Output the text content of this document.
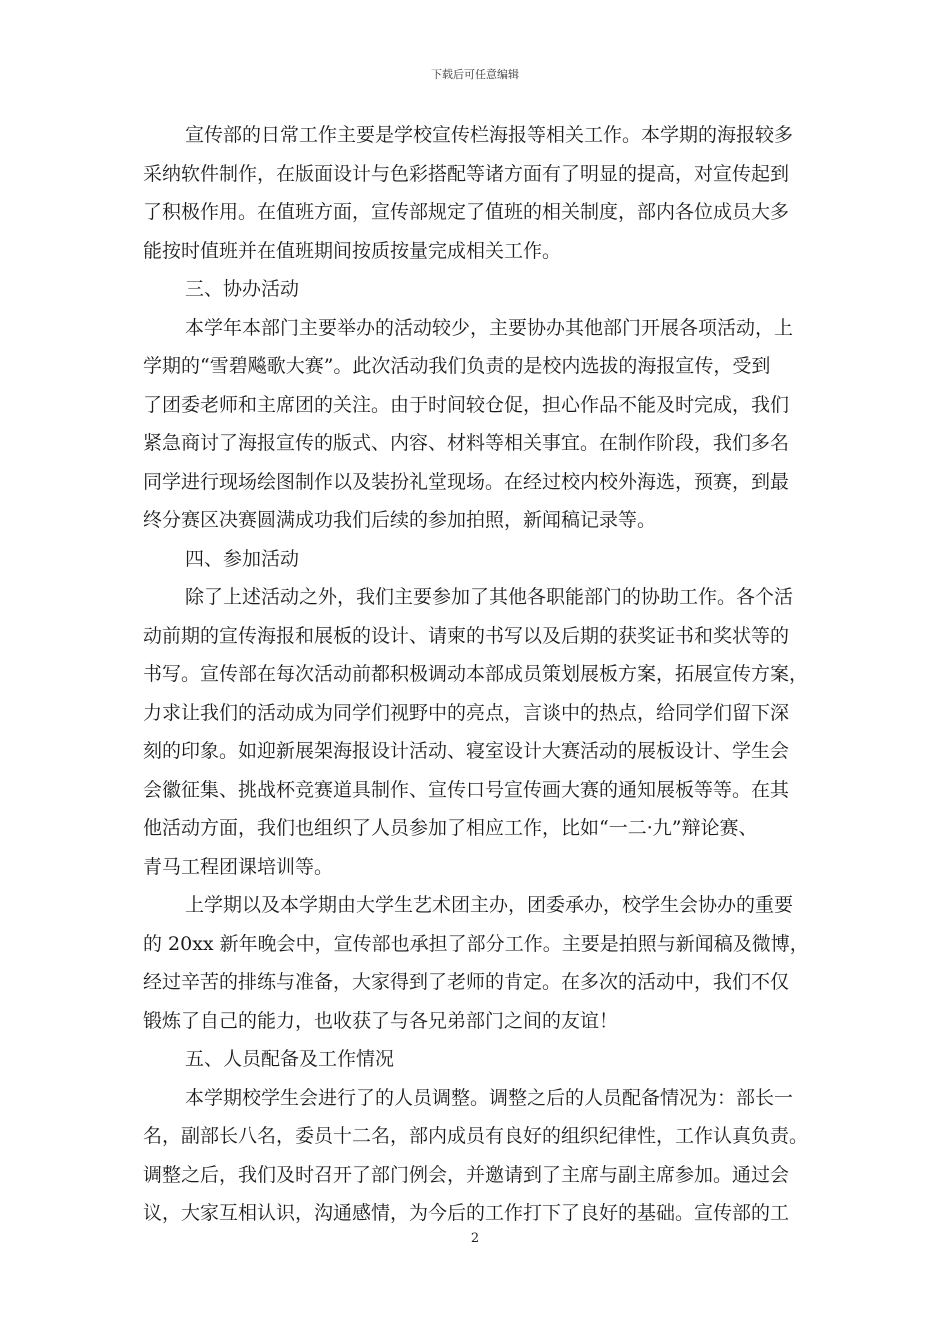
下载后可任意编辑
宣传部的日常工作主要是学校宣传栏海报等相关工作。本学期的海报较多
采纳软件制作，在版面设计与色彩搭配等诸方面有了明显的提高，对宣传起到
了积极作用。在值班方面，宣传部规定了值班的相关制度，部内各位成员大多
能按时值班并在值班期间按质按量完成相关工作。
三、协办活动
本学年本部门主要举办的活动较少，主要协办其他部门开展各项活动，上
学期的“雪碧飚歌大赛”。此次活动我们负责的是校内选拔的海报宣传，受到
了团委老师和主席团的关注。由于时间较仓促，担心作品不能及时完成，我们
紧急商讨了海报宣传的版式、内容、材料等相关事宜。在制作阶段，我们多名
同学进行现场绘图制作以及装扮礼堂现场。在经过校内校外海选，预赛，到最
终分赛区决赛圆满成功我们后续的参加拍照，新闻稿记录等。
四、参加活动
除了上述活动之外，我们主要参加了其他各职能部门的协助工作。各个活
动前期的宣传海报和展板的设计、请柬的书写以及后期的获奖证书和奖状等的
书写。宣传部在每次活动前都积极调动本部成员策划展板方案，拓展宣传方案，
力求让我们的活动成为同学们视野中的亮点，言谈中的热点，给同学们留下深
刻的印象。如迎新展架海报设计活动、寝室设计大赛活动的展板设计、学生会
会徽征集、挑战杯竞赛道具制作、宣传口号宣传画大赛的通知展板等等。在其
他活动方面，我们也组织了人员参加了相应工作，比如“一二·九”辩论赛、
青马工程团课培训等。
上学期以及本学期由大学生艺术团主办，团委承办，校学生会协办的重要
的 20xx 新年晚会中，宣传部也承担了部分工作。主要是拍照与新闻稿及微博，
经过辛苦的排练与准备，大家得到了老师的肯定。在多次的活动中，我们不仅
锻炼了自己的能力，也收获了与各兄弟部门之间的友谊！
五、人员配备及工作情况
本学期校学生会进行了的人员调整。调整之后的人员配备情况为：部长一
名，副部长八名，委员十二名，部内成员有良好的组织纪律性，工作认真负责。
调整之后，我们及时召开了部门例会，并邀请到了主席与副主席参加。通过会
议，大家互相认识，沟通感情，为今后的工作打下了良好的基础。宣传部的工
2
